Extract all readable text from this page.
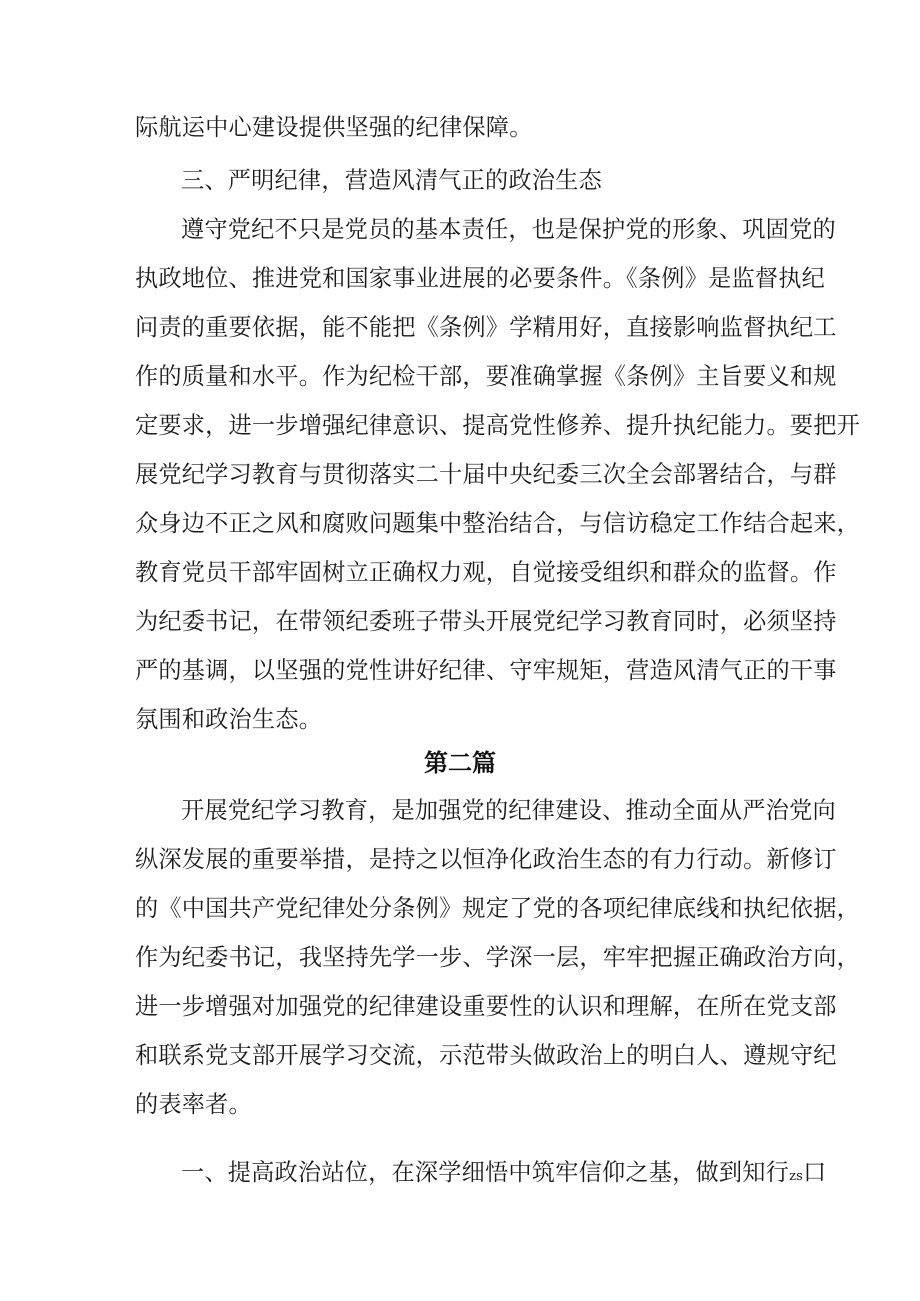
际航运中心建设提供坚强的纪律保障。
三、严明纪律，营造风清气正的政治生态
遵守党纪不只是党员的基本责任，也是保护党的形象、巩固党的
执政地位、推进党和国家事业进展的必要条件。《条例》是监督执纪
问责的重要依据，能不能把《条例》学精用好，直接影响监督执纪工
作的质量和水平。作为纪检干部，要准确掌握《条例》主旨要义和规
定要求，进一步增强纪律意识、提高党性修养、提升执纪能力。要把开
展党纪学习教育与贯彻落实二十届中央纪委三次全会部署结合，与群
众身边不正之风和腐败问题集中整治结合，与信访稳定工作结合起来，
教育党员干部牢固树立正确权力观，自觉接受组织和群众的监督。作
为纪委书记，在带领纪委班子带头开展党纪学习教育同时，必须坚持
严的基调，以坚强的党性讲好纪律、守牢规矩，营造风清气正的干事
氛围和政治生态。
第二篇
开展党纪学习教育，是加强党的纪律建设、推动全面从严治党向
纵深发展的重要举措，是持之以恒净化政治生态的有力行动。新修订
的《中国共产党纪律处分条例》规定了党的各项纪律底线和执纪依据，
作为纪委书记，我坚持先学一步、学深一层，牢牢把握正确政治方向，
进一步增强对加强党的纪律建设重要性的认识和理解，在所在党支部
和联系党支部开展学习交流，示范带头做政治上的明白人、遵规守纪
的表率者。
一、提高政治站位，在深学细悟中筑牢信仰之基，做到知行zs口
